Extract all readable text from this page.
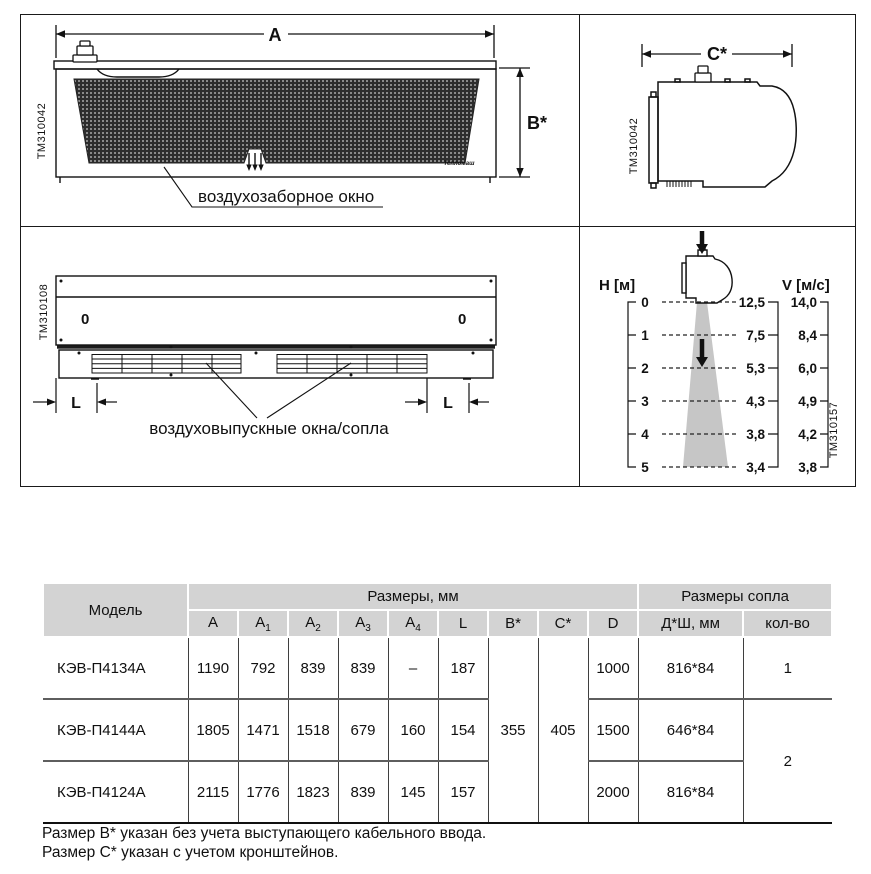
A
Тепломаш
B*
воздухозаборное окно
TM310042
C*
TM310042
0	0
L	L
воздуховыпускные окна/сопла
TM310108	H [м]	V [м/с]
0
1
2
3
4
5
12,5
7,5
5,3
4,3
3,8
3,4
14,0
8,4
6,0
4,9
4,2
3,8
TM310157
Модель	Размеры, мм									Размеры сопла	
	A	$A_1$	$A_2$	$A_3$	$A_4$	L	B*	C*	D	Д*Ш, мм	кол-во
КЭВ-П4134А	1190	792	839	839	–	187	355	405	1000	816*84	1
КЭВ-П4144А	1805	1471	1518	679	160	154			1500	646*84	2
КЭВ-П4124А	2115	1776	1823	839	145	157			2000	816*84	
Размер B* указан без учета выступающего кабельного ввода.
Размер C* указан с учетом кронштейнов.
